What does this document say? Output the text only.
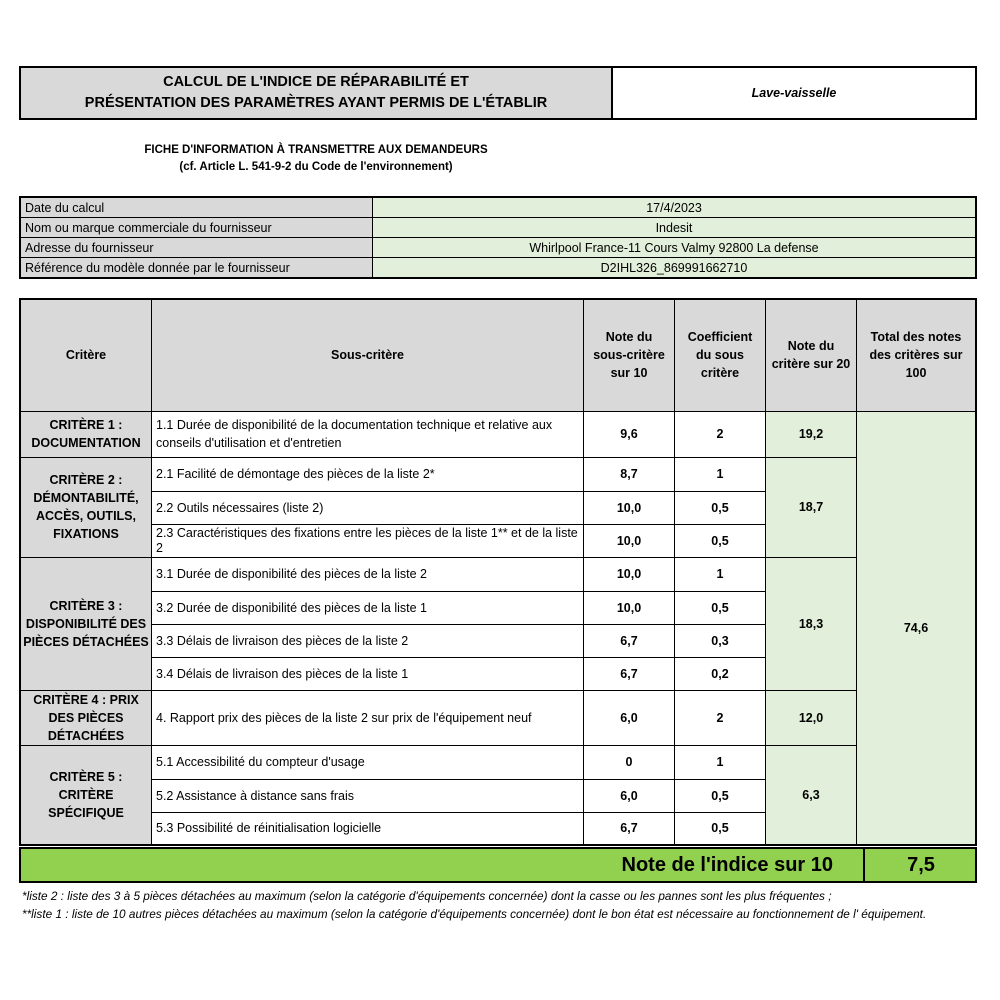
CALCUL DE L'INDICE DE RÉPARABILITÉ ET
PRÉSENTATION DES PARAMÈTRES AYANT PERMIS DE L'ÉTABLIR
Lave-vaisselle
FICHE D'INFORMATION À TRANSMETTRE AUX DEMANDEURS
(cf. Article L. 541-9-2 du Code de l'environnement)
Date du calcul	17/4/2023
Nom ou marque commerciale du fournisseur	Indesit
Adresse du fournisseur	Whirlpool France-11 Cours Valmy 92800 La defense
Référence du modèle donnée par le fournisseur	D2IHL326_869991662710
Critère	Sous-critère	Note du sous-critère sur 10	Coefficient du sous critère	Note du critère sur 20	Total des notes des critères sur 100
CRITÈRE 1 : DOCUMENTATION	1.1 Durée de disponibilité de la documentation technique et relative aux conseils d'utilisation et d'entretien	9,6	2	19,2	74,6
CRITÈRE 2 : DÉMONTABILITÉ, ACCÈS, OUTILS, FIXATIONS	2.1 Facilité de démontage des pièces de la liste 2*	8,7	1	18,7	
	2.2 Outils nécessaires (liste 2)	10,0	0,5		
	2.3 Caractéristiques des fixations entre les pièces de la liste 1** et de la liste 2	10,0	0,5		
CRITÈRE 3 : DISPONIBILITÉ DES PIÈCES DÉTACHÉES	3.1 Durée de disponibilité des pièces de la liste 2	10,0	1	18,3	
	3.2 Durée de disponibilité des pièces de la liste 1	10,0	0,5		
	3.3 Délais de livraison des pièces de la liste 2	6,7	0,3		
	3.4 Délais de livraison des pièces de la liste 1	6,7	0,2		
CRITÈRE 4 : PRIX DES PIÈCES DÉTACHÉES	4. Rapport prix des pièces de la liste 2 sur prix de l'équipement neuf	6,0	2	12,0	
CRITÈRE 5 : CRITÈRE SPÉCIFIQUE	5.1 Accessibilité du compteur d'usage	0	1	6,3	
	5.2 Assistance à distance sans frais	6,0	0,5		
	5.3 Possibilité de réinitialisation logicielle	6,7	0,5		
Note de l'indice sur 10	7,5
*liste 2 : liste des 3 à 5 pièces détachées au maximum (selon la catégorie d'équipements concernée) dont la casse ou les pannes sont les plus fréquentes ;
**liste 1 : liste de 10 autres pièces détachées au maximum (selon la catégorie d'équipements concernée) dont le bon état est nécessaire au fonctionnement de l' équipement.
